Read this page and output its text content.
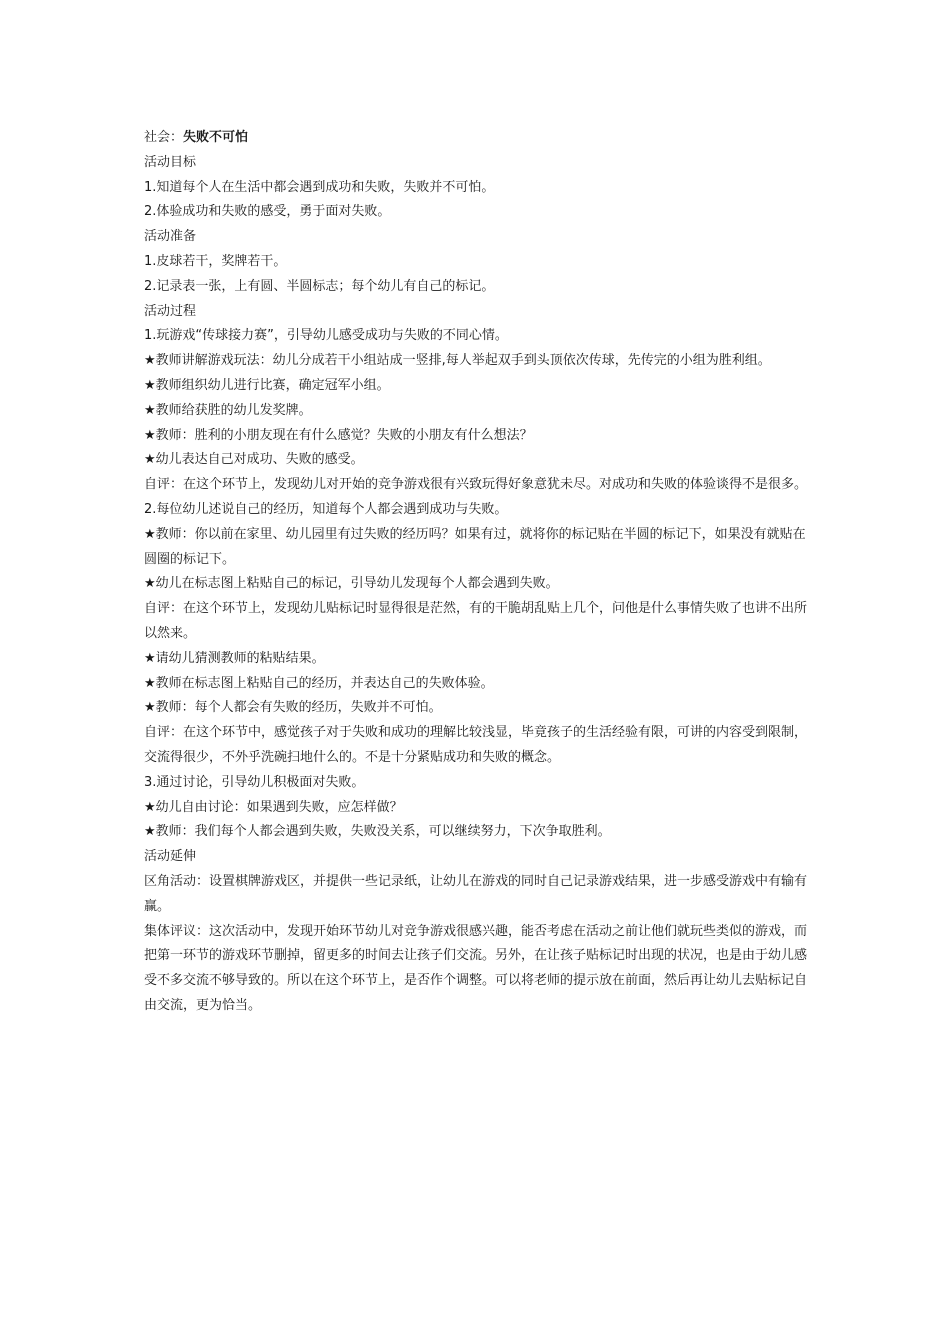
社会：失败不可怕
活动目标
1.知道每个人在生活中都会遇到成功和失败，失败并不可怕。
2.体验成功和失败的感受，勇于面对失败。
活动准备
1.皮球若干，奖牌若干。
2.记录表一张，上有圆、半圆标志；每个幼儿有自己的标记。
活动过程
1.玩游戏“传球接力赛”，引导幼儿感受成功与失败的不同心情。
★教师讲解游戏玩法：幼儿分成若干小组站成一竖排,每人举起双手到头顶依次传球，先传完的小组为胜利组。
★教师组织幼儿进行比赛，确定冠军小组。
★教师给获胜的幼儿发奖牌。
★教师：胜利的小朋友现在有什么感觉？失败的小朋友有什么想法？
★幼儿表达自己对成功、失败的感受。
自评：在这个环节上，发现幼儿对开始的竞争游戏很有兴致玩得好象意犹未尽。对成功和失败的体验谈得不是很多。
2.每位幼儿述说自己的经历，知道每个人都会遇到成功与失败。
★教师：你以前在家里、幼儿园里有过失败的经历吗？如果有过，就将你的标记贴在半圆的标记下，如果没有就贴在圆圈的标记下。
★幼儿在标志图上粘贴自己的标记，引导幼儿发现每个人都会遇到失败。
自评：在这个环节上，发现幼儿贴标记时显得很是茫然，有的干脆胡乱贴上几个，问他是什么事情失败了也讲不出所以然来。
★请幼儿猜测教师的粘贴结果。
★教师在标志图上粘贴自己的经历，并表达自己的失败体验。
★教师：每个人都会有失败的经历，失败并不可怕。
自评：在这个环节中，感觉孩子对于失败和成功的理解比较浅显，毕竟孩子的生活经验有限，可讲的内容受到限制，交流得很少，不外乎洗碗扫地什么的。不是十分紧贴成功和失败的概念。
3.通过讨论，引导幼儿积极面对失败。
★幼儿自由讨论：如果遇到失败，应怎样做？
★教师：我们每个人都会遇到失败，失败没关系，可以继续努力，下次争取胜利。
活动延伸
区角活动：设置棋牌游戏区，并提供一些记录纸，让幼儿在游戏的同时自己记录游戏结果，进一步感受游戏中有输有赢。
集体评议：这次活动中，发现开始环节幼儿对竞争游戏很感兴趣，能否考虑在活动之前让他们就玩些类似的游戏，而把第一环节的游戏环节删掉，留更多的时间去让孩子们交流。另外，在让孩子贴标记时出现的状况，也是由于幼儿感受不多交流不够导致的。所以在这个环节上，是否作个调整。可以将老师的提示放在前面，然后再让幼儿去贴标记自由交流，更为恰当。
